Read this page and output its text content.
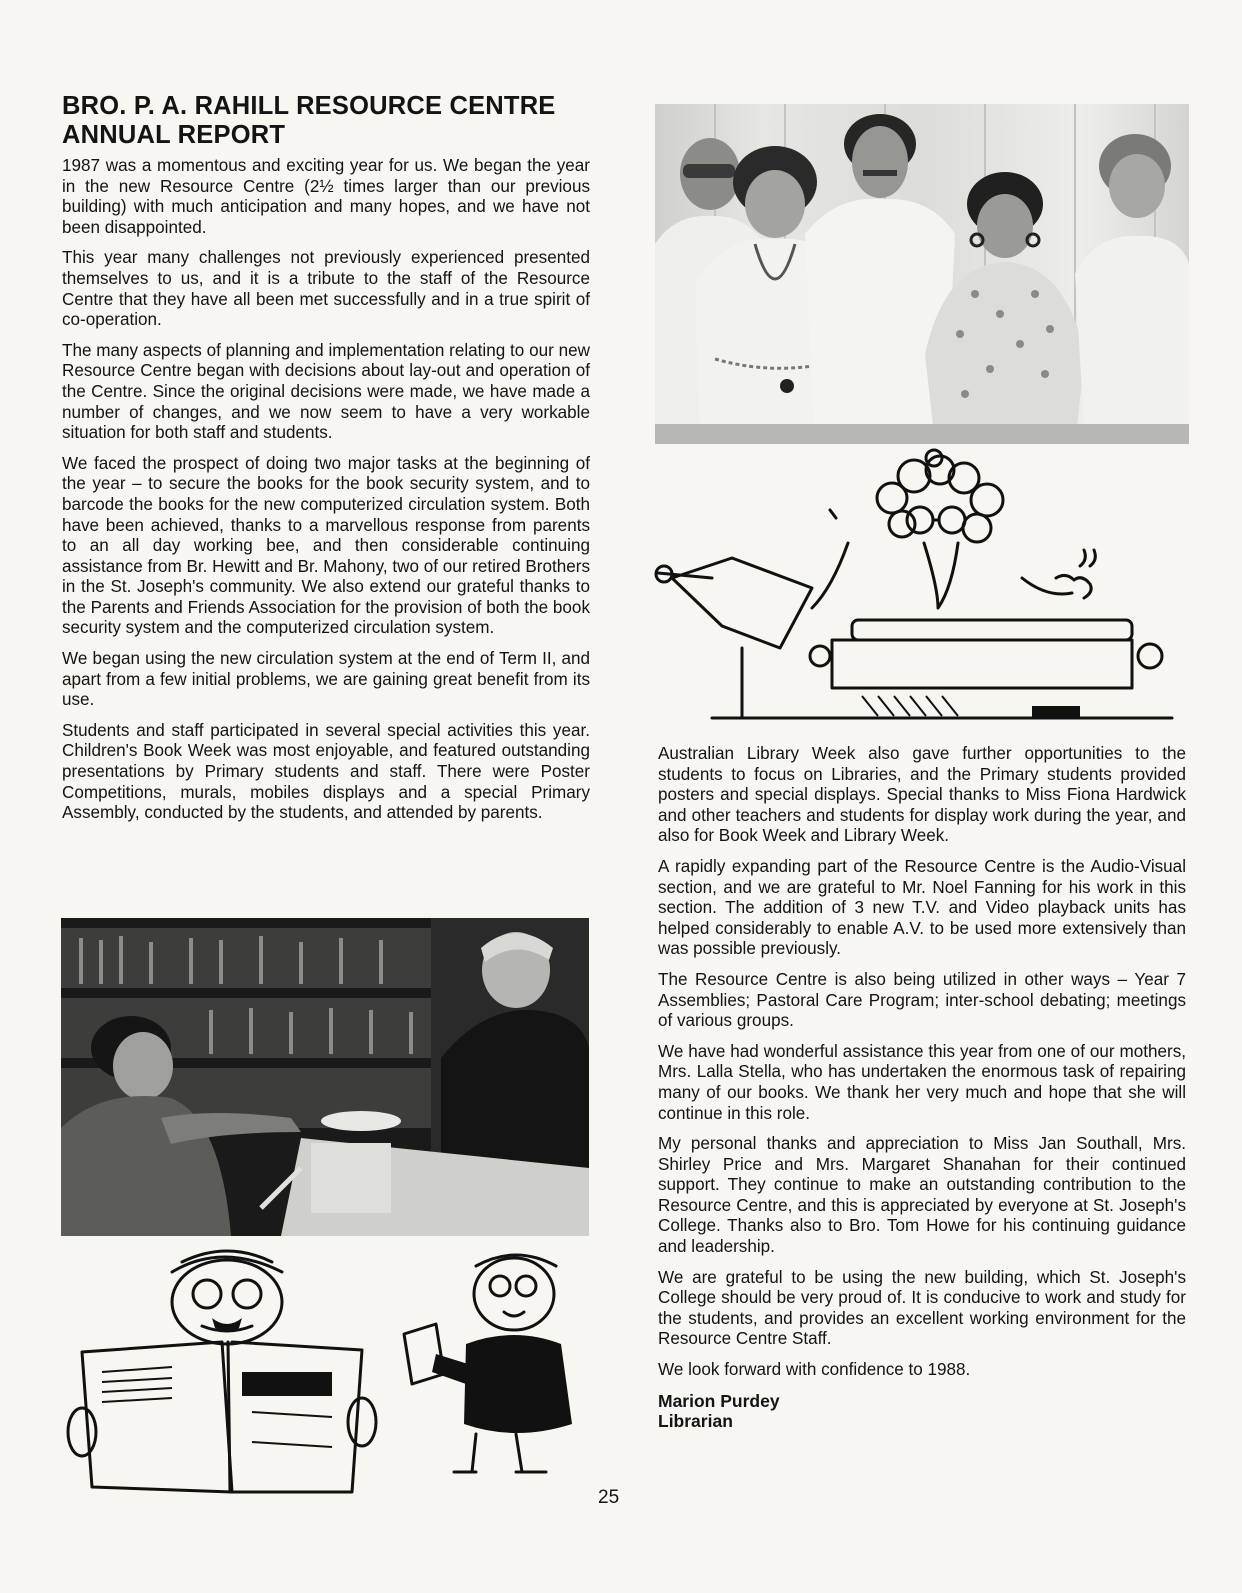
BRO. P. A. RAHILL RESOURCE CENTRE ANNUAL REPORT

1987 was a momentous and exciting year for us. We began the year in the new Resource Centre (2½ times larger than our previous building) with much anticipation and many hopes, and we have not been disappointed.

This year many challenges not previously experienced presented themselves to us, and it is a tribute to the staff of the Resource Centre that they have all been met successfully and in a true spirit of co-operation.

The many aspects of planning and implementation relating to our new Resource Centre began with decisions about lay-out and operation of the Centre. Since the original decisions were made, we have made a number of changes, and we now seem to have a very workable situation for both staff and students.

We faced the prospect of doing two major tasks at the beginning of the year – to secure the books for the book security system, and to barcode the books for the new computerized circulation system. Both have been achieved, thanks to a marvellous response from parents to an all day working bee, and then considerable continuing assistance from Br. Hewitt and Br. Mahony, two of our retired Brothers in the St. Joseph's community. We also extend our grateful thanks to the Parents and Friends Association for the provision of both the book security system and the computerized circulation system.

We began using the new circulation system at the end of Term II, and apart from a few initial problems, we are gaining great benefit from its use.

Students and staff participated in several special activities this year. Children's Book Week was most enjoyable, and featured outstanding presentations by Primary students and staff. There were Poster Competitions, murals, mobiles displays and a special Primary Assembly, conducted by the students, and attended by parents.

Australian Library Week also gave further opportunities to the students to focus on Libraries, and the Primary students provided posters and special displays. Special thanks to Miss Fiona Hardwick and other teachers and students for display work during the year, and also for Book Week and Library Week.

A rapidly expanding part of the Resource Centre is the Audio-Visual section, and we are grateful to Mr. Noel Fanning for his work in this section. The addition of 3 new T.V. and Video playback units has helped considerably to enable A.V. to be used more extensively than was possible previously.

The Resource Centre is also being utilized in other ways – Year 7 Assemblies; Pastoral Care Program; inter-school debating; meetings of various groups.

We have had wonderful assistance this year from one of our mothers, Mrs. Lalla Stella, who has undertaken the enormous task of repairing many of our books. We thank her very much and hope that she will continue in this role.

My personal thanks and appreciation to Miss Jan Southall, Mrs. Shirley Price and Mrs. Margaret Shanahan for their continued support. They continue to make an outstanding contribution to the Resource Centre, and this is appreciated by everyone at St. Joseph's College. Thanks also to Bro. Tom Howe for his continuing guidance and leadership.

We are grateful to be using the new building, which St. Joseph's College should be very proud of. It is conducive to work and study for the students, and provides an excellent working environment for the Resource Centre Staff.

We look forward with confidence to 1988.

Marion Purdey

Librarian

25
